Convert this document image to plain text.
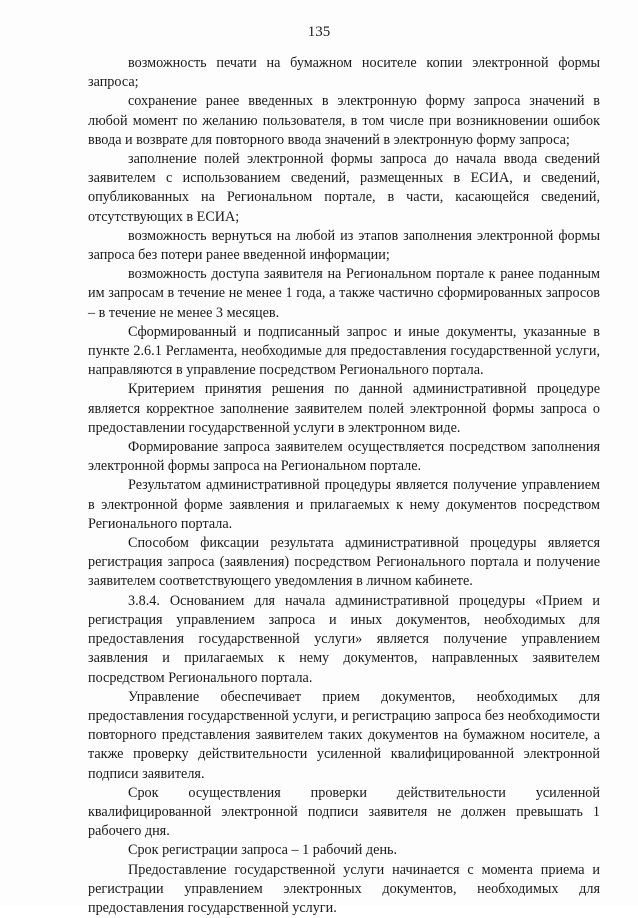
135

возможность печати на бумажном носителе копии электронной формы запроса;

сохранение ранее введенных в электронную форму запроса значений в любой момент по желанию пользователя, в том числе при возникновении ошибок ввода и возврате для повторного ввода значений в электронную форму запроса;

заполнение полей электронной формы запроса до начала ввода сведений заявителем с использованием сведений, размещенных в ЕСИА, и сведений, опубликованных на Региональном портале, в части, касающейся сведений, отсутствующих в ЕСИА;

возможность вернуться на любой из этапов заполнения электронной формы запроса без потери ранее введенной информации;

возможность доступа заявителя на Региональном портале к ранее поданным им запросам в течение не менее 1 года, а также частично сформированных запросов – в течение не менее 3 месяцев.

Сформированный и подписанный запрос и иные документы, указанные в пункте 2.6.1 Регламента, необходимые для предоставления государственной услуги, направляются в управление посредством Регионального портала.

Критерием принятия решения по данной административной процедуре является корректное заполнение заявителем полей электронной формы запроса о предоставлении государственной услуги в электронном виде.

Формирование запроса заявителем осуществляется посредством заполнения электронной формы запроса на Региональном портале.

Результатом административной процедуры является получение управлением в электронной форме заявления и прилагаемых к нему документов посредством Регионального портала.

Способом фиксации результата административной процедуры является регистрация запроса (заявления) посредством Регионального портала и получение заявителем соответствующего уведомления в личном кабинете.

3.8.4. Основанием для начала административной процедуры «Прием и регистрация управлением запроса и иных документов, необходимых для предоставления государственной услуги» является получение управлением заявления и прилагаемых к нему документов, направленных заявителем посредством Регионального портала.

Управление обеспечивает прием документов, необходимых для предоставления государственной услуги, и регистрацию запроса без необходимости повторного представления заявителем таких документов на бумажном носителе, а также проверку действительности усиленной квалифицированной электронной подписи заявителя.

Срок осуществления проверки действительности усиленной квалифицированной электронной подписи заявителя не должен превышать 1 рабочего дня.

Срок регистрации запроса – 1 рабочий день.

Предоставление государственной услуги начинается с момента приема и регистрации управлением электронных документов, необходимых для предоставления государственной услуги.
